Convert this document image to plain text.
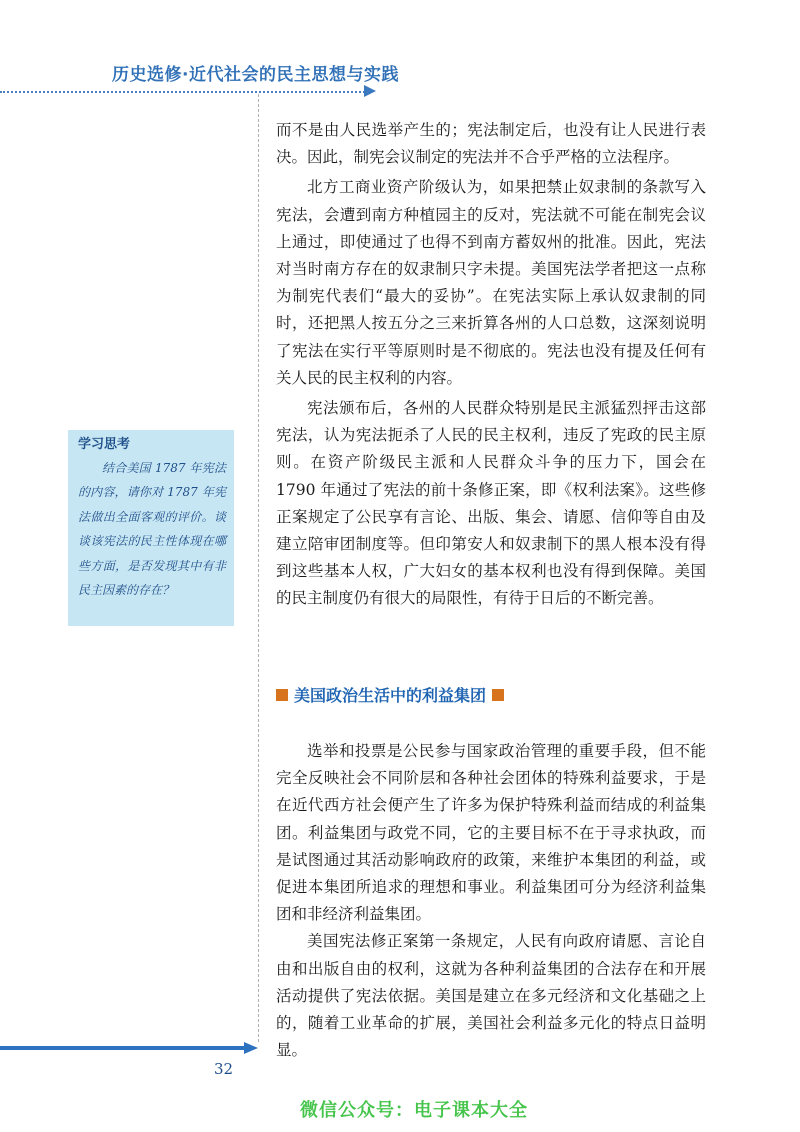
历史选修·近代社会的民主思想与实践

而不是由人民选举产生的；宪法制定后，也没有让人民进行表决。因此，制宪会议制定的宪法并不合乎严格的立法程序。

北方工商业资产阶级认为，如果把禁止奴隶制的条款写入宪法，会遭到南方种植园主的反对，宪法就不可能在制宪会议上通过，即使通过了也得不到南方蓄奴州的批准。因此，宪法对当时南方存在的奴隶制只字未提。美国宪法学者把这一点称为制宪代表们“最大的妥协”。在宪法实际上承认奴隶制的同时，还把黑人按五分之三来折算各州的人口总数，这深刻说明了宪法在实行平等原则时是不彻底的。宪法也没有提及任何有关人民的民主权利的内容。

宪法颁布后，各州的人民群众特别是民主派猛烈抨击这部宪法，认为宪法扼杀了人民的民主权利，违反了宪政的民主原则。在资产阶级民主派和人民群众斗争的压力下，国会在 1790 年通过了宪法的前十条修正案，即《权利法案》。这些修正案规定了公民享有言论、出版、集会、请愿、信仰等自由及建立陪审团制度等。但印第安人和奴隶制下的黑人根本没有得到这些基本人权，广大妇女的基本权利也没有得到保障。美国的民主制度仍有很大的局限性，有待于日后的不断完善。

美国政治生活中的利益集团

选举和投票是公民参与国家政治管理的重要手段，但不能完全反映社会不同阶层和各种社会团体的特殊利益要求，于是在近代西方社会便产生了许多为保护特殊利益而结成的利益集团。利益集团与政党不同，它的主要目标不在于寻求执政，而是试图通过其活动影响政府的政策，来维护本集团的利益，或促进本集团所追求的理想和事业。利益集团可分为经济利益集团和非经济利益集团。

美国宪法修正案第一条规定，人民有向政府请愿、言论自由和出版自由的权利，这就为各种利益集团的合法存在和开展活动提供了宪法依据。美国是建立在多元经济和文化基础之上的，随着工业革命的扩展，美国社会利益多元化的特点日益明显。

学习思考
结合美国 1787 年宪法的内容，请你对 1787 年宪法做出全面客观的评价。谈谈该宪法的民主性体现在哪些方面，是否发现其中有非民主因素的存在？
32
微信公众号：电子课本大全
